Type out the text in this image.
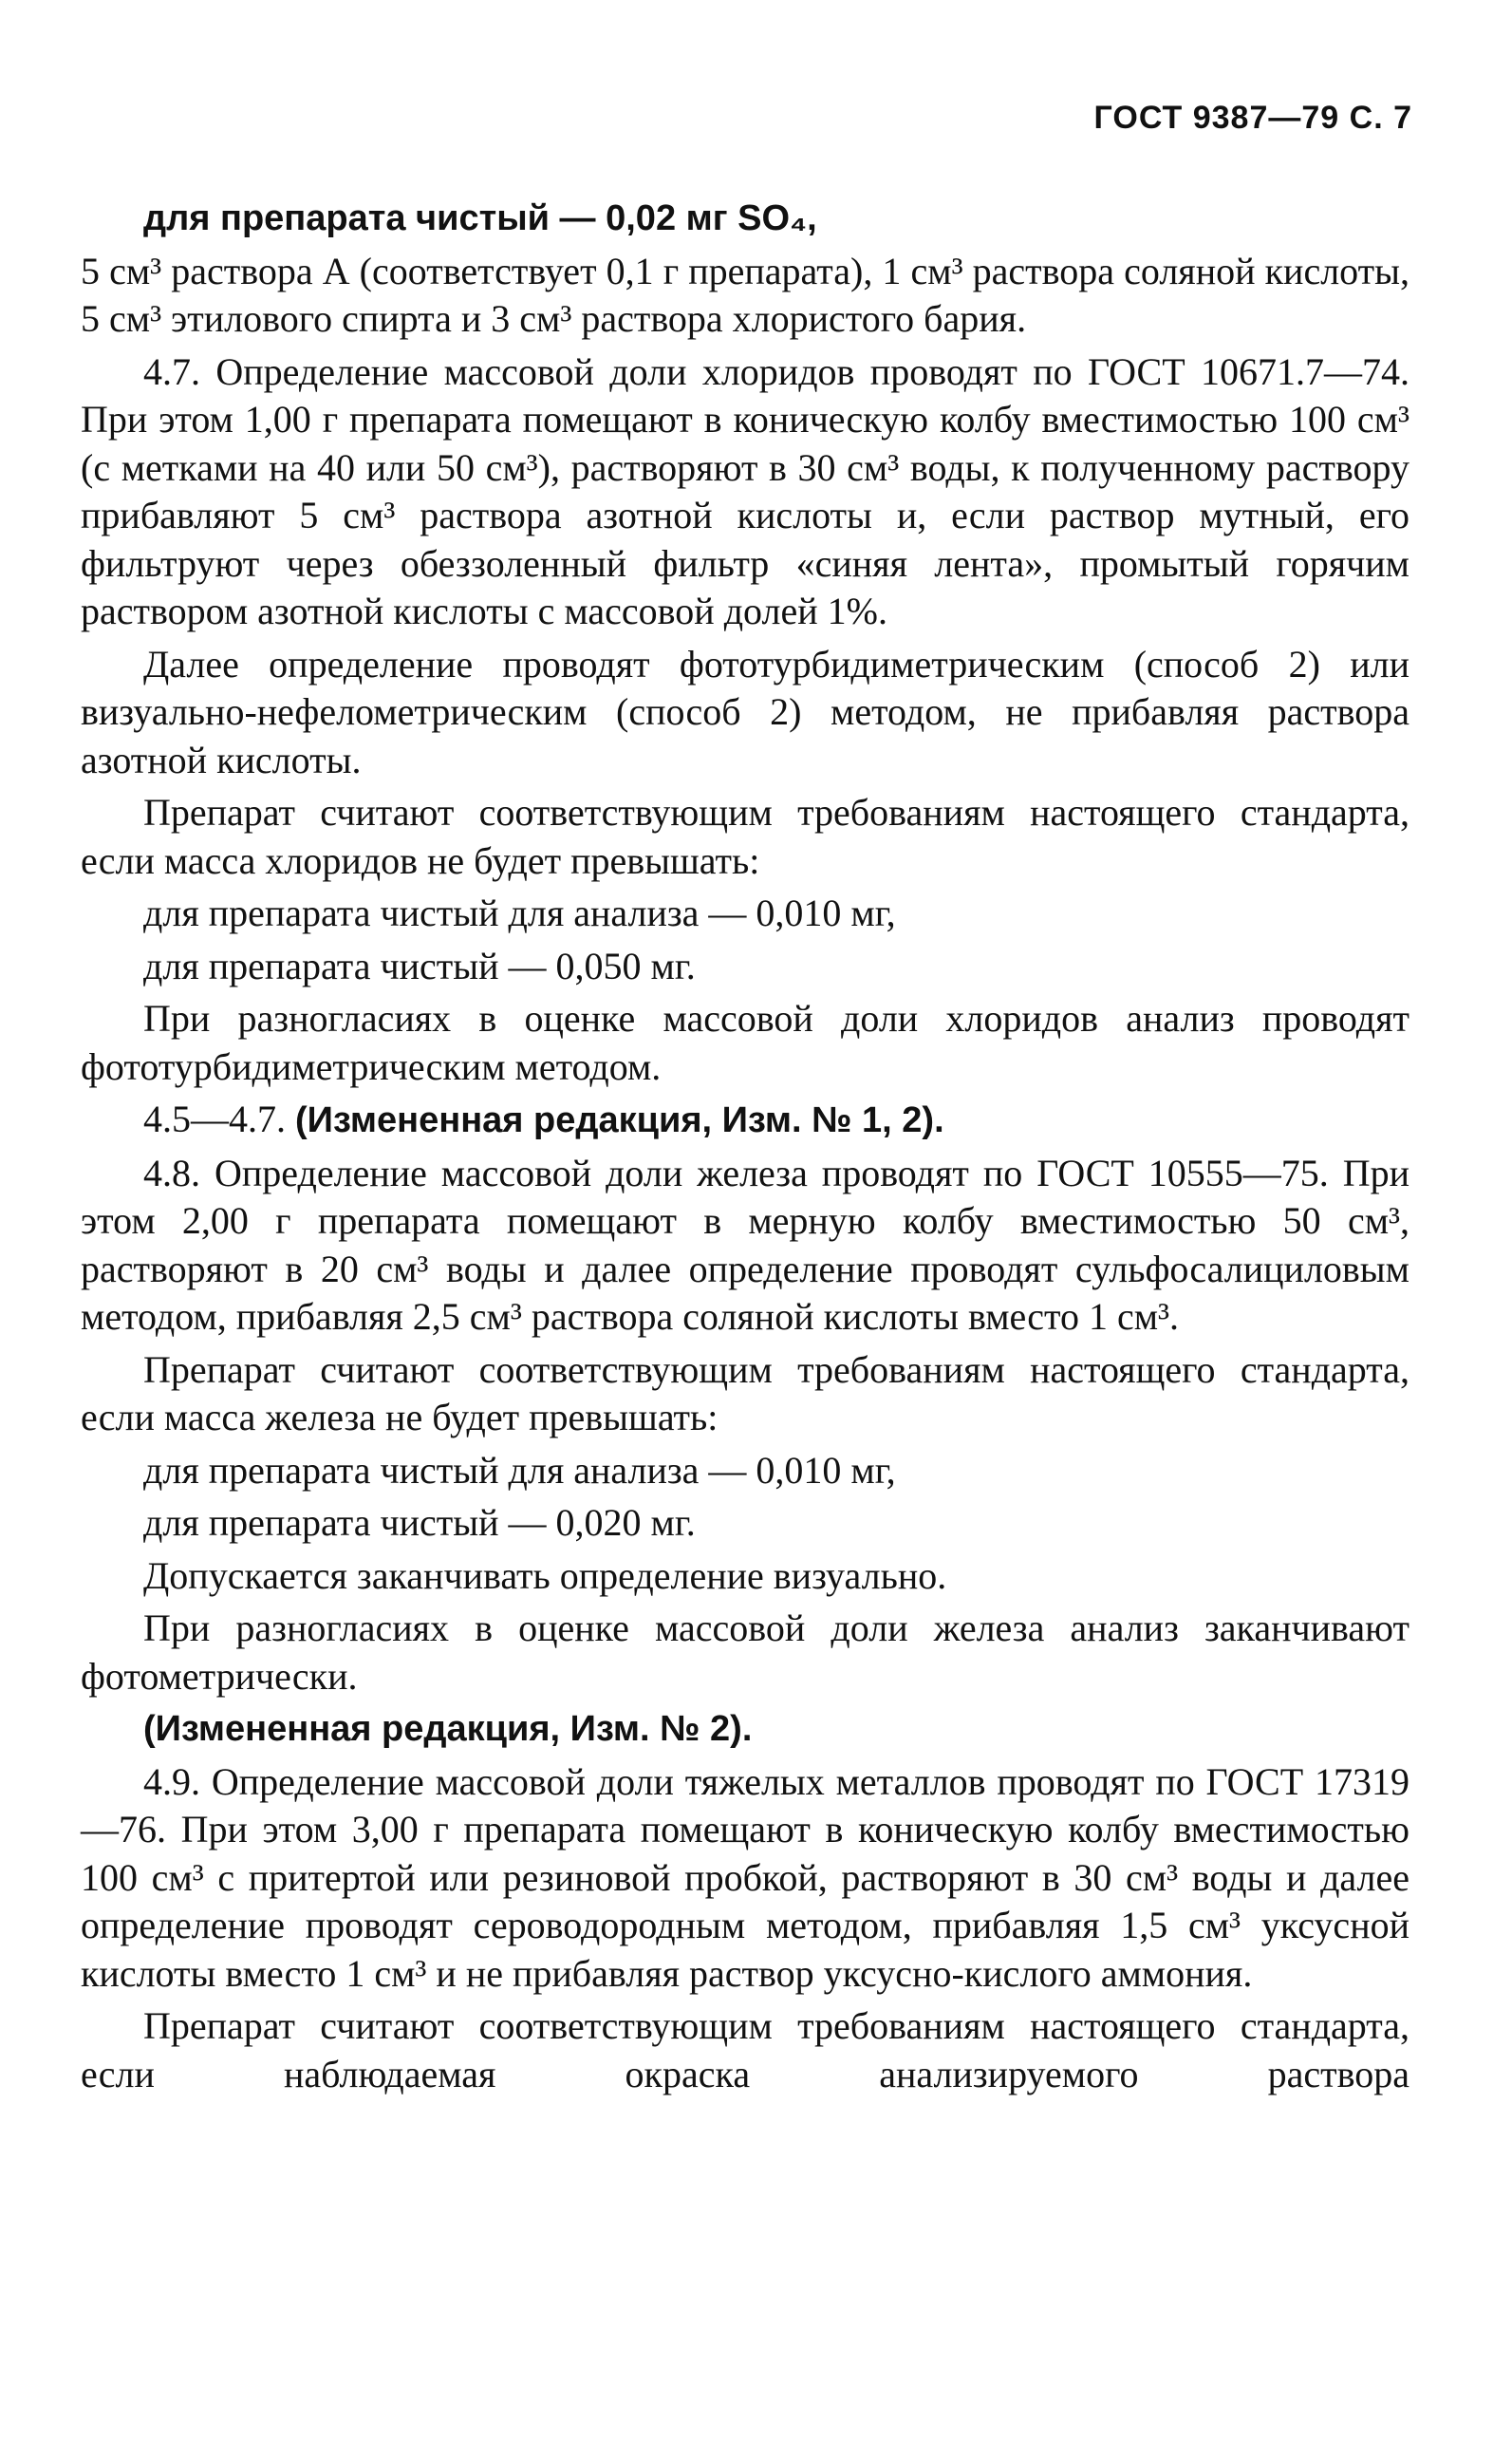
ГОСТ 9387—79 С. 7
для препарата чистый — 0,02 мг SO₄,

5 см³ раствора А (соответствует 0,1 г препарата), 1 см³ раствора соляной кислоты, 5 см³ этилового спирта и 3 см³ раствора хлористого бария.

4.7. Определение массовой доли хлоридов проводят по ГОСТ 10671.7—74. При этом 1,00 г препарата помещают в коническую колбу вместимостью 100 см³ (с метками на 40 или 50 см³), растворяют в 30 см³ воды, к полученному раствору прибавляют 5 см³ раствора азотной кислоты и, если раствор мутный, его фильтруют через обеззоленный фильтр «синяя лента», промытый горячим раствором азотной кислоты с массовой долей 1%.

Далее определение проводят фототурбидиметрическим (способ 2) или визуально-нефелометрическим (способ 2) методом, не прибавляя раствора азотной кислоты.

Препарат считают соответствующим требованиям настоящего стандарта, если масса хлоридов не будет превышать:

для препарата чистый для анализа — 0,010 мг,
для препарата чистый — 0,050 мг.

При разногласиях в оценке массовой доли хлоридов анализ проводят фототурбидиметрическим методом.

4.5—4.7. (Измененная редакция, Изм. № 1, 2).

4.8. Определение массовой доли железа проводят по ГОСТ 10555—75. При этом 2,00 г препарата помещают в мерную колбу вместимостью 50 см³, растворяют в 20 см³ воды и далее определение проводят сульфосалициловым методом, прибавляя 2,5 см³ раствора соляной кислоты вместо 1 см³.

Препарат считают соответствующим требованиям настоящего стандарта, если масса железа не будет превышать:

для препарата чистый для анализа — 0,010 мг,
для препарата чистый — 0,020 мг.

Допускается заканчивать определение визуально.

При разногласиях в оценке массовой доли железа анализ заканчивают фотометрически.

(Измененная редакция, Изм. № 2).

4.9. Определение массовой доли тяжелых металлов проводят по ГОСТ 17319—76. При этом 3,00 г препарата помещают в коническую колбу вместимостью 100 см³ с притертой или резиновой пробкой, растворяют в 30 см³ воды и далее определение проводят сероводородным методом, прибавляя 1,5 см³ уксусной кислоты вместо 1 см³ и не прибавляя раствор уксусно-кислого аммония.

Препарат считают соответствующим требованиям настоящего стандарта, если наблюдаемая окраска анализируемого раствора
